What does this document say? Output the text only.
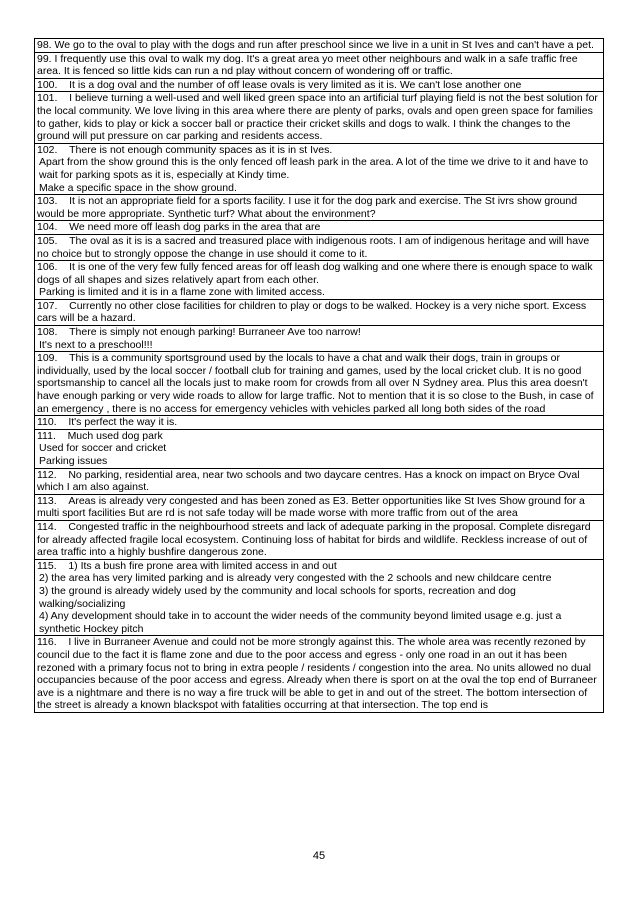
98. We go to the oval to play with the dogs and run after preschool since we live in a unit in St Ives and can't have a pet.

99. I frequently use this oval to walk my dog. It's a great area yo meet other neighbours and walk in a safe traffic free area. It is fenced so little kids can run a nd play without concern of wondering off or traffic.

100. It is a dog oval and the number of off lease ovals is very limited as it is. We can't lose another one

101. I believe turning a well-used and well liked green space into an artificial turf playing field is not the best solution for the local community. We love living in this area where there are plenty of parks, ovals and open green space for families to gather, kids to play or kick a soccer ball or practice their cricket skills and dogs to walk. I think the changes to the ground will put pressure on car parking and residents access.

102. There is not enough community spaces as it is in st Ives.
Apart from the show ground this is the only fenced off leash park in the area. A lot of the time we drive to it and have to wait for parking spots as it is, especially at Kindy time.
Make a specific space in the show ground.

103. It is not an appropriate field for a sports facility. I use it for the dog park and exercise. The St ivrs show ground would be more appropriate. Synthetic turf? What about the environment?

104. We need more off leash dog parks in the area that are

105. The oval as it is is a sacred and treasured place with indigenous roots. I am of indigenous heritage and will have no choice but to strongly oppose the change in use should it come to it.

106. It is one of the very few fully fenced areas for off leash dog walking and one where there is enough space to walk dogs of all shapes and sizes relatively apart from each other.
Parking is limited and it is in a flame zone with limited access.

107. Currently no other close facilities for children to play or dogs to be walked. Hockey is a very niche sport. Excess cars will be a hazard.

108. There is simply not enough parking! Burraneer Ave too narrow!
It's next to a preschool!!!

109. This is a community sportsground used by the locals to have a chat and walk their dogs, train in groups or individually, used by the local soccer / football club for training and games, used by the local cricket club. It is no good sportsmanship to cancel all the locals just to make room for crowds from all over N Sydney area. Plus this area doesn't have enough parking or very wide roads to allow for large traffic. Not to mention that it is so close to the Bush, in case of an emergency , there is no access for emergency vehicles with vehicles parked all long both sides of the road

110. It's perfect the way it is.

111. Much used dog park
Used for soccer and cricket
Parking issues

112. No parking, residential area, near two schools and two daycare centres. Has a knock on impact on Bryce Oval which I am also against.

113. Areas is already very congested and has been zoned as E3. Better opportunities like St Ives Show ground for a multi sport facilities But are rd is not safe today will be made worse with more traffic from out of the area

114. Congested traffic in the neighbourhood streets and lack of adequate parking in the proposal. Complete disregard for already affected fragile local ecosystem. Continuing loss of habitat for birds and wildlife. Reckless increase of out of area traffic into a highly bushfire dangerous zone.

115. 1) Its a bush fire prone area with limited access in and out
2) the area has very limited parking and is already very congested with the 2 schools and new childcare centre
3) the ground is already widely used by the community and local schools for sports, recreation and dog walking/socializing
4) Any development should take in to account the wider needs of the community beyond limited usage e.g. just a synthetic Hockey pitch

116. I live in Burraneer Avenue and could not be more strongly against this. The whole area was recently rezoned by council due to the fact it is flame zone and due to the poor access and egress - only one road in an out it has been rezoned with a primary focus not to bring in extra people / residents / congestion into the area. No units allowed no dual occupancies because of the poor access and egress. Already when there is sport on at the oval the top end of Burraneer ave is a nightmare and there is no way a fire truck will be able to get in and out of the street. The bottom intersection of the street is already a known blackspot with fatalities occurring at that intersection. The top end is
45
